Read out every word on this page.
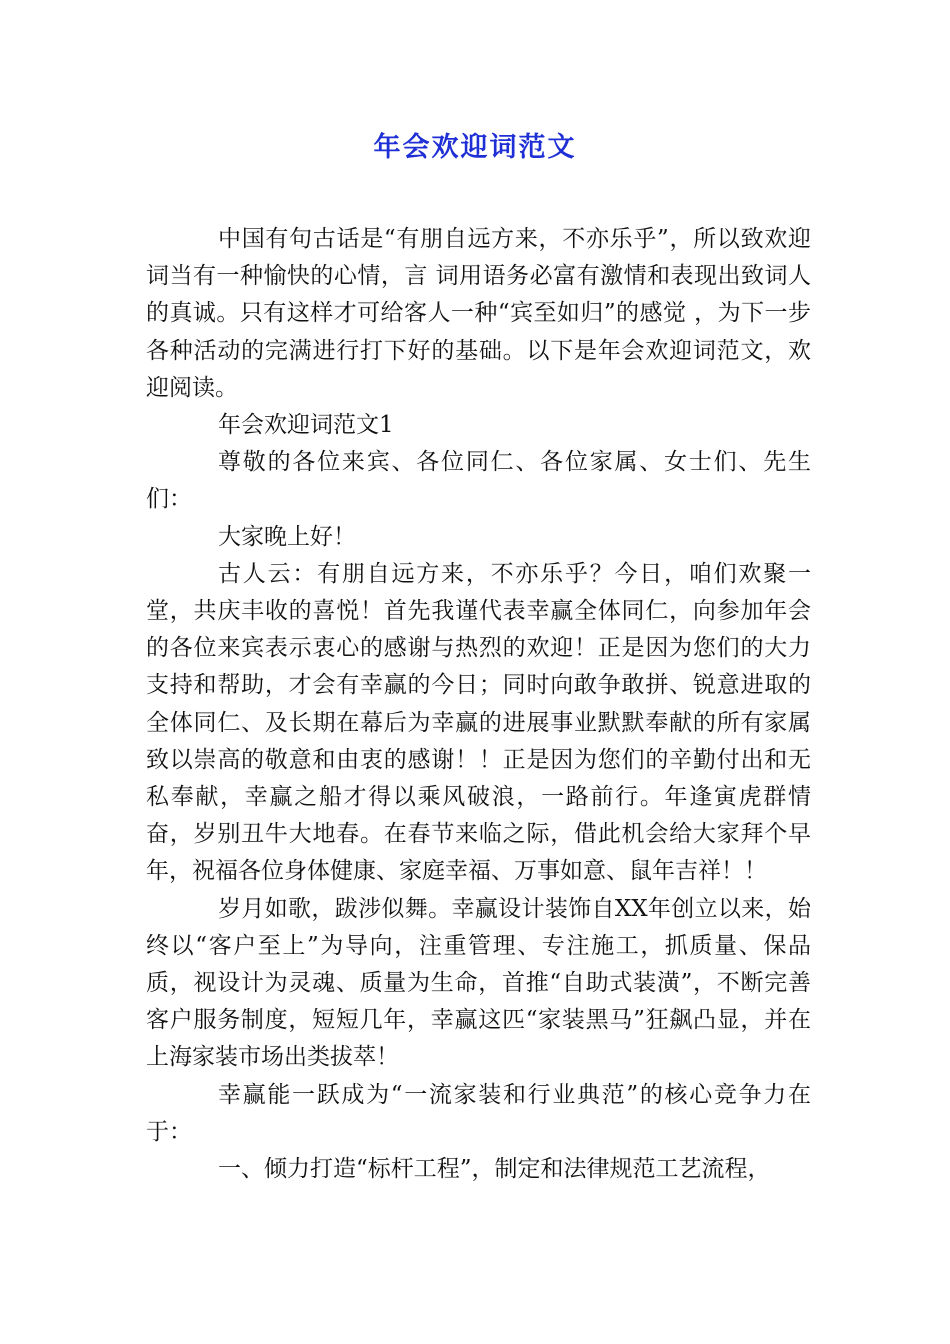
年会欢迎词范文

中国有句古话是“有朋自远方来，不亦乐乎”，所以致欢迎词当有一种愉快的心情，言 词用语务必富有激情和表现出致词人的真诚。只有这样才可给客人一种“宾至如归”的感觉 ，为下一步各种活动的完满进行打下好的基础。以下是年会欢迎词范文，欢迎阅读。

年会欢迎词范文1

尊敬的各位来宾、各位同仁、各位家属、女士们、先生们：

大家晚上好！

古人云：有朋自远方来，不亦乐乎？今日，咱们欢聚一堂，共庆丰收的喜悦！首先我谨代表幸赢全体同仁，向参加年会的各位来宾表示衷心的感谢与热烈的欢迎！正是因为您们的大力支持和帮助，才会有幸赢的今日；同时向敢争敢拼、锐意进取的全体同仁、及长期在幕后为幸赢的进展事业默默奉献的所有家属致以崇高的敬意和由衷的感谢！！正是因为您们的辛勤付出和无私奉献，幸赢之船才得以乘风破浪，一路前行。年逢寅虎群情奋，岁别丑牛大地春。在春节来临之际，借此机会给大家拜个早年，祝福各位身体健康、家庭幸福、万事如意、鼠年吉祥！！

岁月如歌，跋涉似舞。幸赢设计装饰自XX年创立以来，始终以“客户至上”为导向，注重管理、专注施工，抓质量、保品质，视设计为灵魂、质量为生命，首推“自助式装潢”，不断完善客户服务制度，短短几年，幸赢这匹“家装黑马”狂飙凸显，并在上海家装市场出类拔萃！

幸赢能一跃成为“一流家装和行业典范”的核心竞争力在于：

一、倾力打造“标杆工程”，制定和法律规范工艺流程，
